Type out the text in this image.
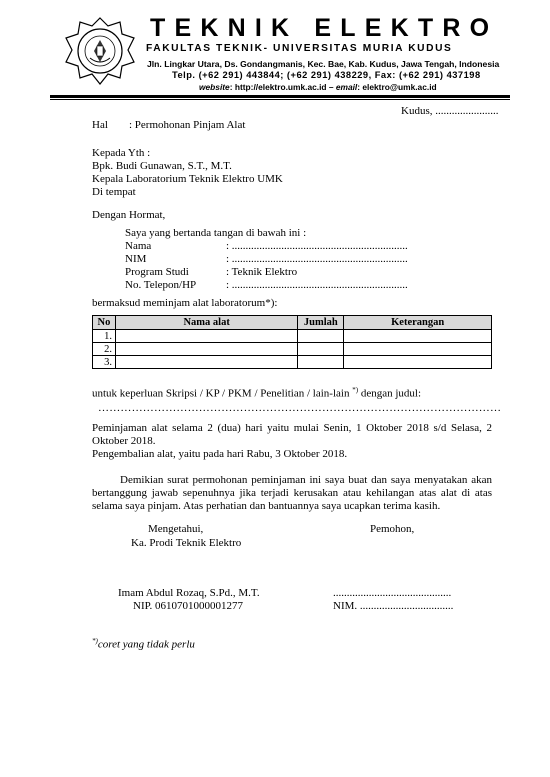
TEKNIK ELEKTRO
FAKULTAS TEKNIK- UNIVERSITAS MURIA KUDUS
Jln. Lingkar Utara, Ds. Gondangmanis, Kec. Bae, Kab. Kudus, Jawa Tengah, Indonesia
Telp. (+62 291) 443844; (+62 291) 438229, Fax: (+62 291) 437198
website: http://elektro.umk.ac.id – email: elektro@umk.ac.id
Kudus, .......................
Hal : Permohonan Pinjam Alat
Kepada Yth :
Bpk. Budi Gunawan, S.T., M.T.
Kepala Laboratorium Teknik Elektro UMK
Di tempat
Dengan Hormat,
Saya yang bertanda tangan di bawah ini :
Nama	: ................................................................
NIM	: ................................................................
Program Studi	: Teknik Elektro
No. Telepon/HP	: ................................................................
bermaksud meminjam alat laboratorum*):
No	Nama alat	Jumlah	Keterangan
1.			
2.			
3.			
untuk keperluan Skripsi / KP / PKM / Penelitian / lain-lain *) dengan judul:
………………………………………………………………………………………………
Peminjaman alat selama 2 (dua) hari yaitu mulai Senin, 1 Oktober 2018 s/d Selasa, 2 Oktober 2018.
Pengembalian alat, yaitu pada hari Rabu, 3 Oktober 2018.
Demikian surat permohonan peminjaman ini saya buat dan saya menyatakan akan bertanggung jawab sepenuhnya jika terjadi kerusakan atau kehilangan atas alat di atas selama saya pinjam. Atas perhatian dan bantuannya saya ucapkan terima kasih.
Mengetahui,
Ka. Prodi Teknik Elektro
Pemohon,
Imam Abdul Rozaq, S.Pd., M.T.
NIP. 0610701000001277
...........................................
NIM. ..................................
*)coret yang tidak perlu
